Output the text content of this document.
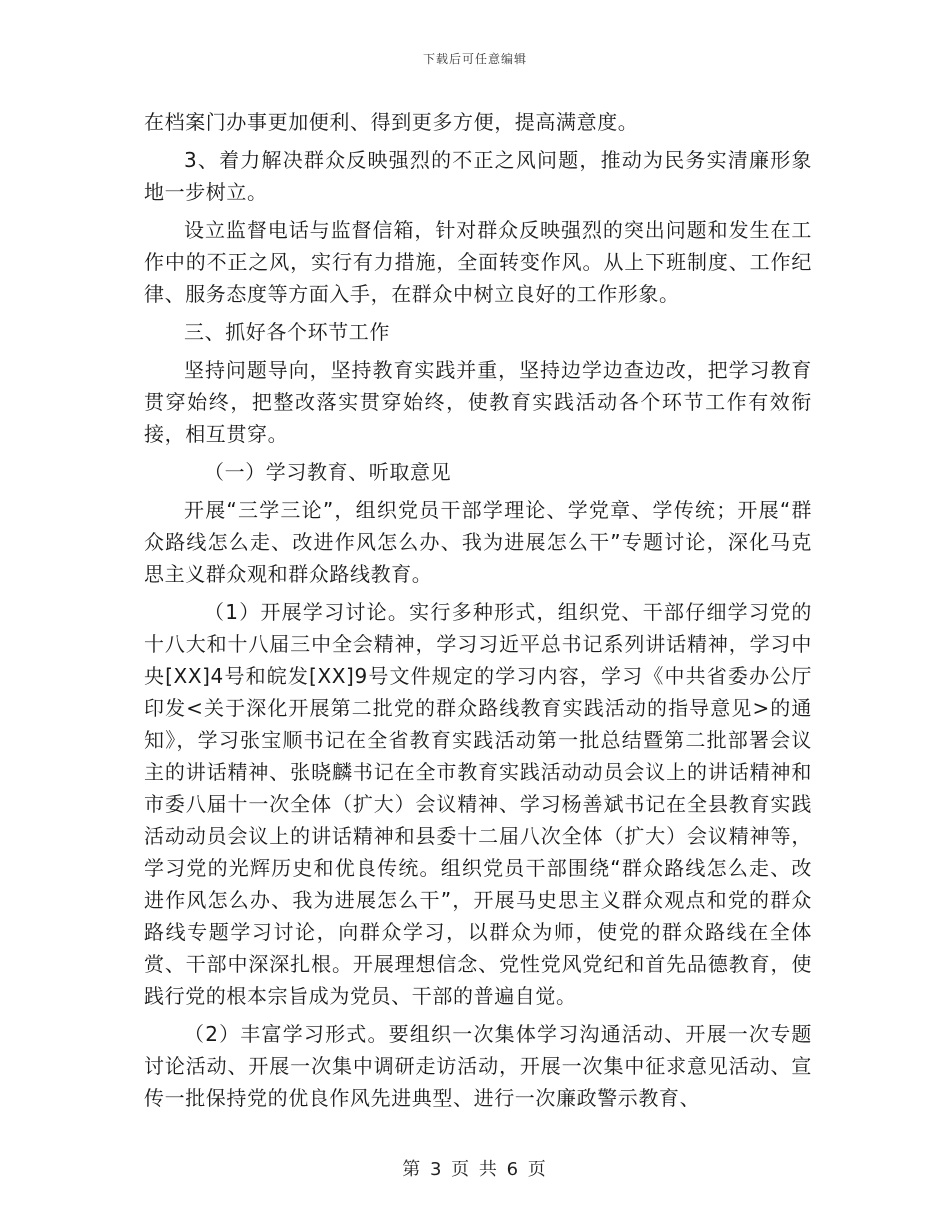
下载后可任意编辑

在档案门办事更加便利、得到更多方便，提高满意度。

3、着力解决群众反映强烈的不正之风问题，推动为民务实清廉形象地一步树立。

设立监督电话与监督信箱，针对群众反映强烈的突出问题和发生在工作中的不正之风，实行有力措施，全面转变作风。从上下班制度、工作纪律、服务态度等方面入手，在群众中树立良好的工作形象。

三、抓好各个环节工作

坚持问题导向，坚持教育实践并重，坚持边学边查边改，把学习教育贯穿始终，把整改落实贯穿始终，使教育实践活动各个环节工作有效衔接，相互贯穿。

（一）学习教育、听取意见

开展“三学三论”，组织党员干部学理论、学党章、学传统；开展“群众路线怎么走、改进作风怎么办、我为进展怎么干”专题讨论，深化马克思主义群众观和群众路线教育。

（1）开展学习讨论。实行多种形式，组织党、干部仔细学习党的十八大和十八届三中全会精神，学习习近平总书记系列讲话精神，学习中央[XX]4号和皖发[XX]9号文件规定的学习内容，学习《中共省委办公厅印发<关于深化开展第二批党的群众路线教育实践活动的指导意见>的通知》，学习张宝顺书记在全省教育实践活动第一批总结暨第二批部署会议主的讲话精神、张晓麟书记在全市教育实践活动动员会议上的讲话精神和市委八届十一次全体（扩大）会议精神、学习杨善斌书记在全县教育实践活动动员会议上的讲话精神和县委十二届八次全体（扩大）会议精神等，学习党的光辉历史和优良传统。组织党员干部围绕“群众路线怎么走、改进作风怎么办、我为进展怎么干”，开展马史思主义群众观点和党的群众路线专题学习讨论，向群众学习，以群众为师，使党的群众路线在全体赏、干部中深深扎根。开展理想信念、党性党风党纪和首先品德教育，使践行党的根本宗旨成为党员、干部的普遍自觉。

（2）丰富学习形式。要组织一次集体学习沟通活动、开展一次专题讨论活动、开展一次集中调研走访活动，开展一次集中征求意见活动、宣传一批保持党的优良作风先进典型、进行一次廉政警示教育、

第 3 页 共 6 页
